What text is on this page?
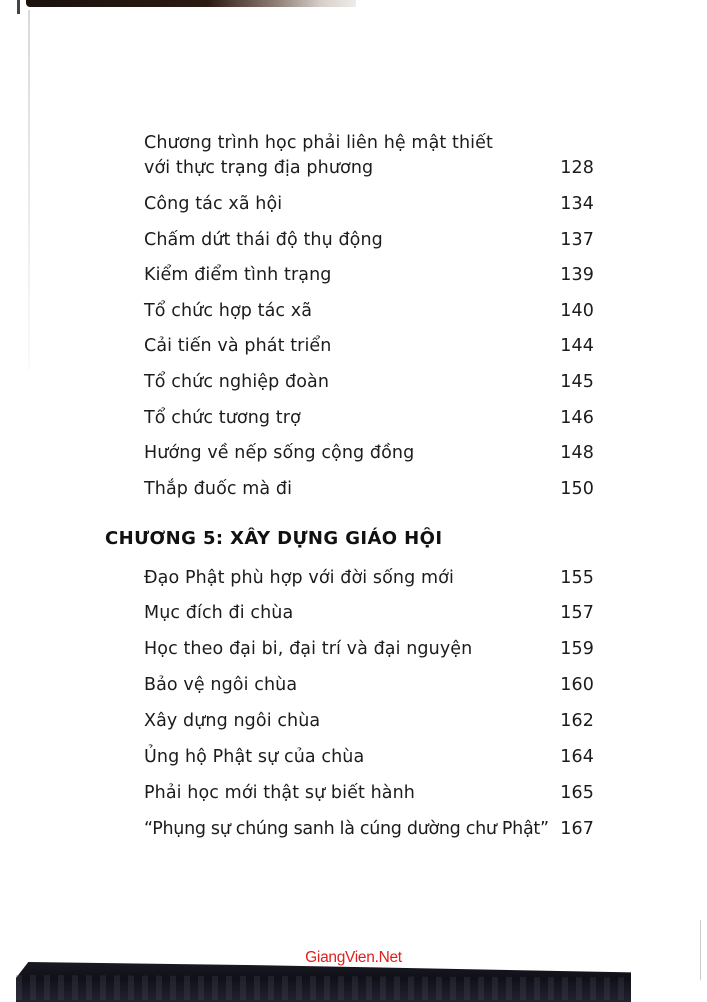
Chương trình học phải liên hệ mật thiết
với thực trạng địa phương	128
Công tác xã hội	134
Chấm dứt thái độ thụ động	137
Kiểm điểm tình trạng	139
Tổ chức hợp tác xã	140
Cải tiến và phát triển	144
Tổ chức nghiệp đoàn	145
Tổ chức tương trợ	146
Hướng về nếp sống cộng đồng	148
Thắp đuốc mà đi	150
CHƯƠNG 5: XÂY DỰNG GIÁO HỘI
Đạo Phật phù hợp với đời sống mới	155
Mục đích đi chùa	157
Học theo đại bi, đại trí và đại nguyện	159
Bảo vệ ngôi chùa	160
Xây dựng ngôi chùa	162
Ủng hộ Phật sự của chùa	164
Phải học mới thật sự biết hành	165
“Phụng sự chúng sanh là cúng dường chư Phật” 167
GiangVien.Net
